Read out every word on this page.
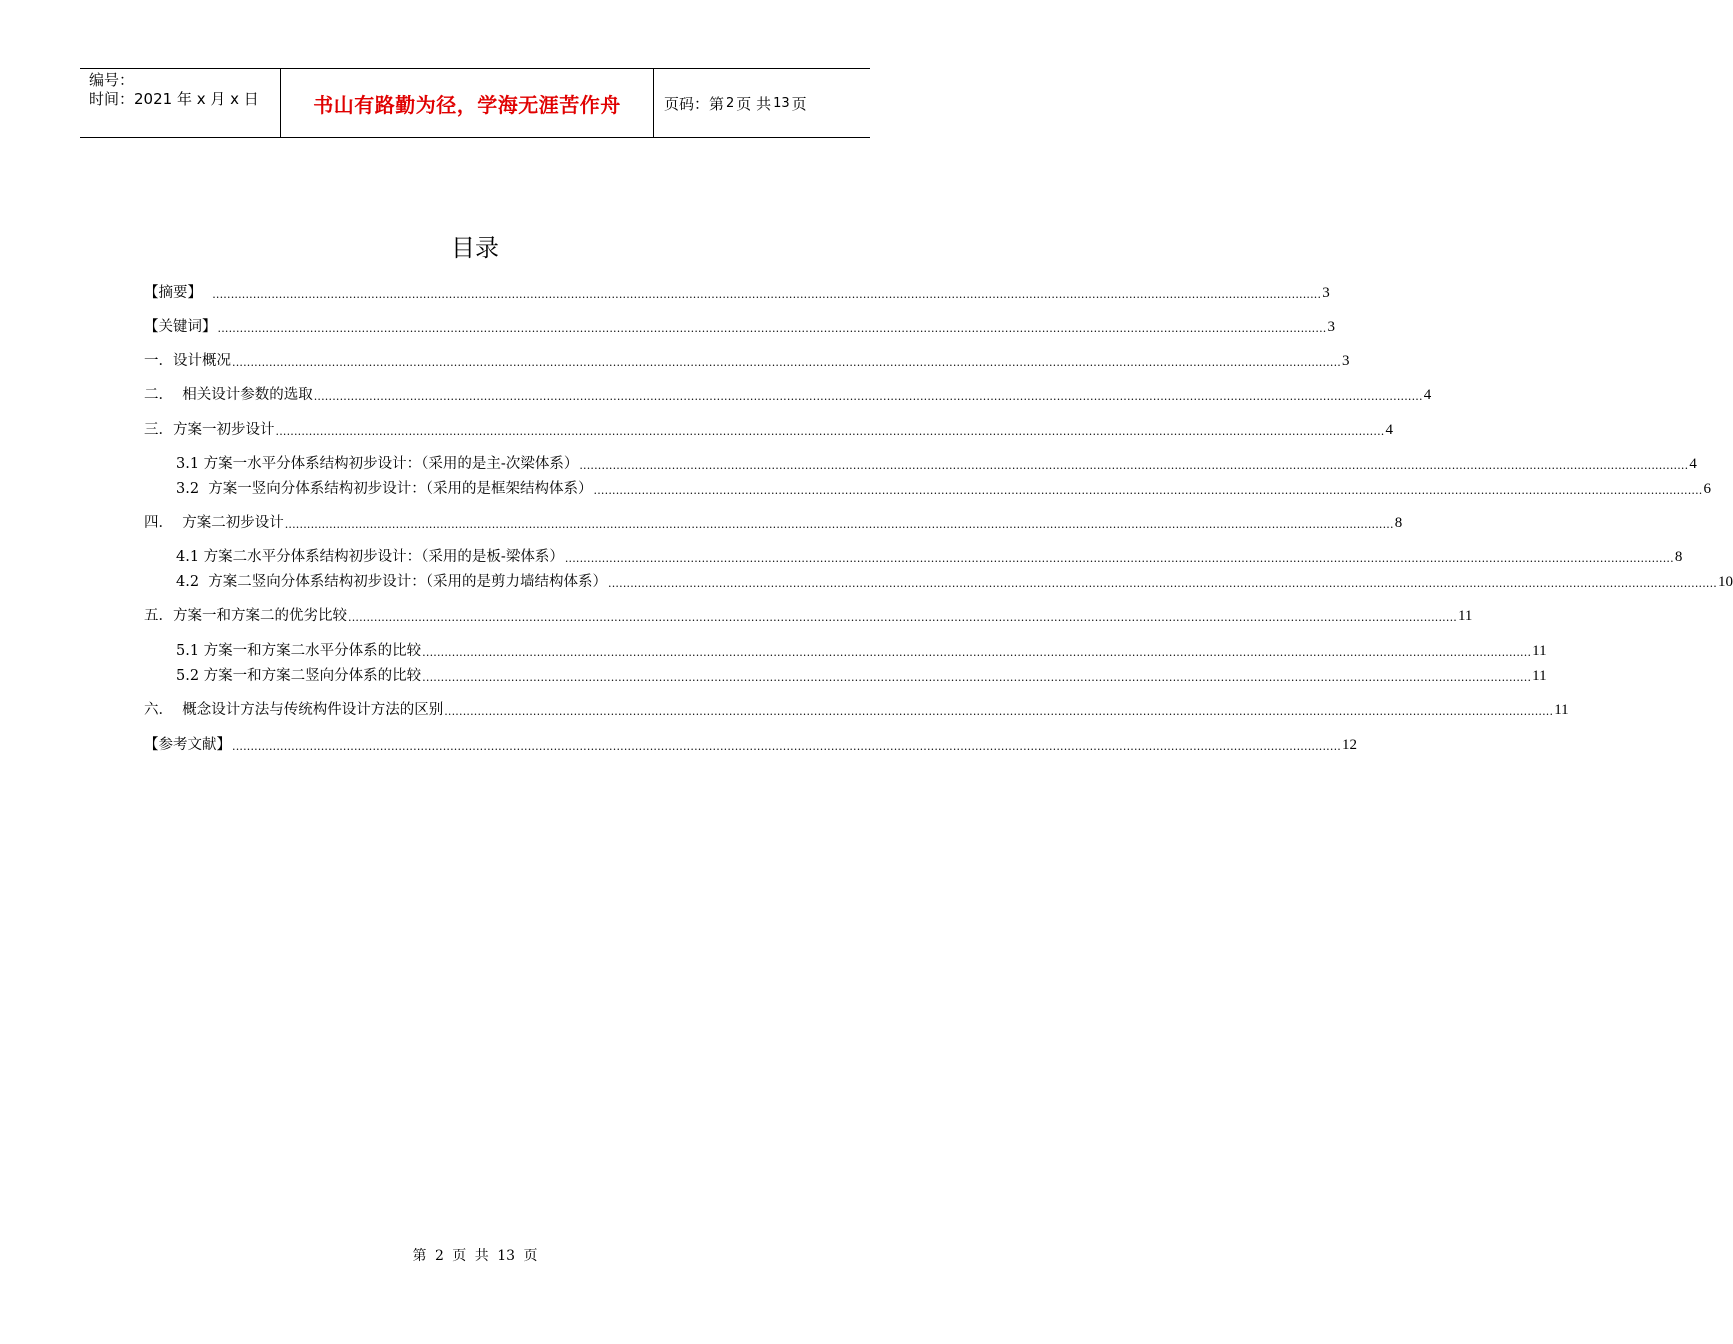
编号：
时间：2021 年 x 月 x 日	书山有路勤为径，学海无涯苦作舟	页码：第 2 页 共 13 页
目录
【摘要】 ............................................................................................................................................................................................................................................................................................................ 3
【关键词】 ............................................................................................................................................................................................................................................................................................................ 3
一．设计概况 ............................................................................................................................................................................................................................................................................................................ 3
二．  相关设计参数的选取 ............................................................................................................................................................................................................................................................................................................ 4
三．方案一初步设计 ............................................................................................................................................................................................................................................................................................................ 4
3.1 方案一水平分体系结构初步设计：（采用的是主-次梁体系） ............................................................................................................................................................................................................................................................................................................ 4
3.2  方案一竖向分体系结构初步设计：（采用的是框架结构体系） ............................................................................................................................................................................................................................................................................................................ 6
四．  方案二初步设计 ............................................................................................................................................................................................................................................................................................................ 8
4.1 方案二水平分体系结构初步设计：（采用的是板-梁体系） ............................................................................................................................................................................................................................................................................................................ 8
4.2  方案二竖向分体系结构初步设计：（采用的是剪力墙结构体系） ............................................................................................................................................................................................................................................................................................................ 10
五．方案一和方案二的优劣比较 ............................................................................................................................................................................................................................................................................................................ 11
5.1 方案一和方案二水平分体系的比较 ............................................................................................................................................................................................................................................................................................................ 11
5.2 方案一和方案二竖向分体系的比较 ............................................................................................................................................................................................................................................................................................................ 11
六．  概念设计方法与传统构件设计方法的区别 ............................................................................................................................................................................................................................................................................................................ 11
【参考文献】 ............................................................................................................................................................................................................................................................................................................ 12
第 2 页 共 13 页
